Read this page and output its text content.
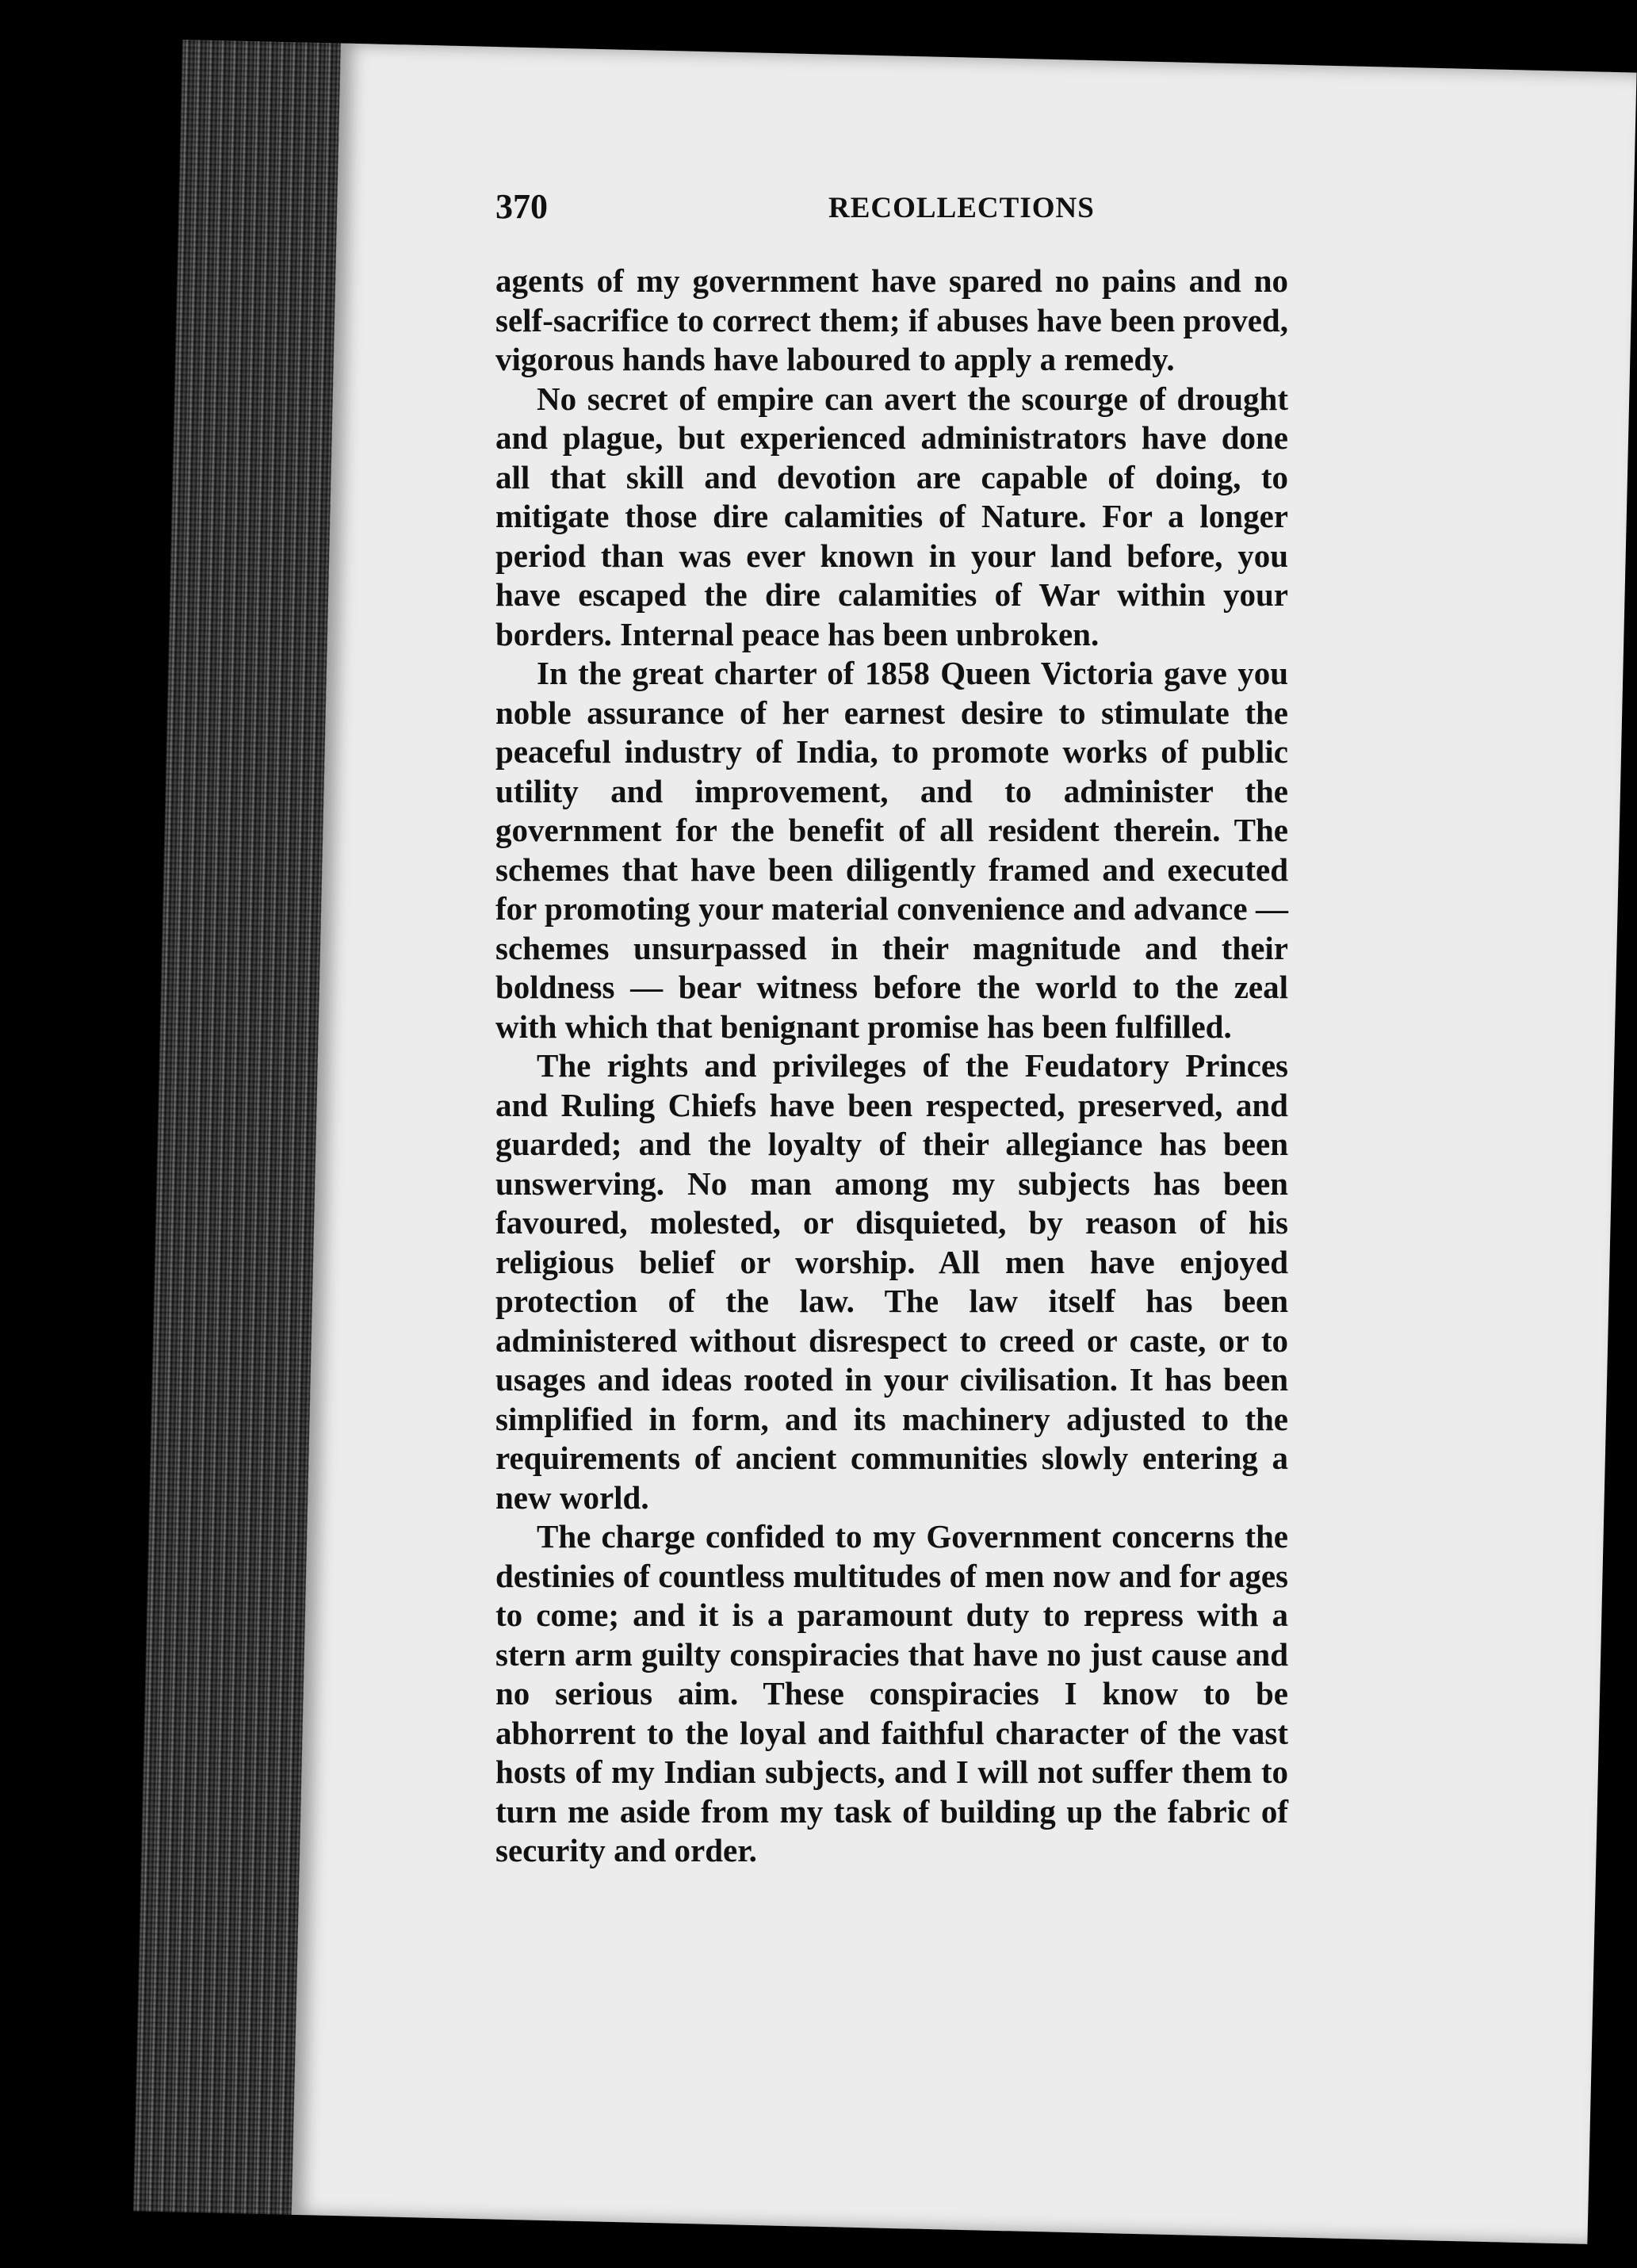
370	RECOLLECTIONS

agents of my government have spared no pains and no self-sacrifice to correct them; if abuses have been proved, vigorous hands have laboured to apply a remedy.

No secret of empire can avert the scourge of drought and plague, but experienced administrators have done all that skill and devotion are capable of doing, to mitigate those dire calamities of Nature. For a longer period than was ever known in your land before, you have escaped the dire calamities of War within your borders. Internal peace has been unbroken.

In the great charter of 1858 Queen Victoria gave you noble assurance of her earnest desire to stimulate the peaceful industry of India, to promote works of public utility and improvement, and to administer the government for the benefit of all resident therein. The schemes that have been diligently framed and executed for promoting your material convenience and advance — schemes unsurpassed in their magnitude and their boldness — bear witness before the world to the zeal with which that benignant promise has been fulfilled.

The rights and privileges of the Feudatory Princes and Ruling Chiefs have been respected, preserved, and guarded; and the loyalty of their allegiance has been unswerving. No man among my subjects has been favoured, molested, or disquieted, by reason of his religious belief or worship. All men have enjoyed protection of the law. The law itself has been administered without disrespect to creed or caste, or to usages and ideas rooted in your civilisation. It has been simplified in form, and its machinery adjusted to the requirements of ancient communities slowly entering a new world.

The charge confided to my Government concerns the destinies of countless multitudes of men now and for ages to come; and it is a paramount duty to repress with a stern arm guilty conspiracies that have no just cause and no serious aim. These conspiracies I know to be abhorrent to the loyal and faithful character of the vast hosts of my Indian subjects, and I will not suffer them to turn me aside from my task of building up the fabric of security and order.
